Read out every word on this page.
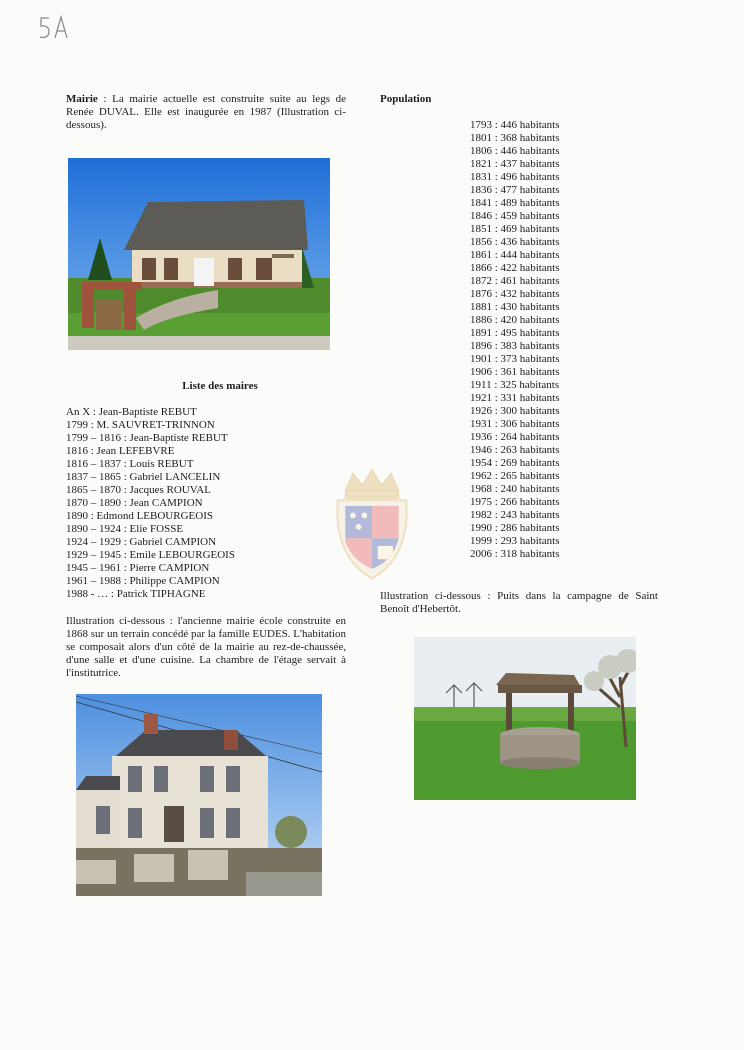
Mairie : La mairie actuelle est construite suite au legs de Renée DUVAL. Elle est inaugurée en 1987 (Illustration ci-dessous).
Liste des maires
An X : Jean-Baptiste REBUT
1799 : M. SAUVRET-TRINNON
1799 – 1816 : Jean-Baptiste REBUT
1816 : Jean LEFEBVRE
1816 – 1837 : Louis REBUT
1837 – 1865 : Gabriel LANCELIN
1865 – 1870 : Jacques ROUVAL
1870 – 1890 : Jean CAMPION
1890 : Edmond LEBOURGEOIS
1890 – 1924 : Elie FOSSE
1924 – 1929 : Gabriel CAMPION
1929 – 1945 : Emile LEBOURGEOIS
1945 – 1961 : Pierre CAMPION
1961 – 1988 : Philippe CAMPION
1988 - … : Patrick TIPHAGNE
Illustration ci-dessous : l'ancienne mairie école construite en 1868 sur un terrain concédé par la famille EUDES. L'habitation se composait alors d'un côté de la mairie au rez-de-chaussée, d'une salle et d'une cuisine. La chambre de l'étage servait à l'institutrice.
Population
1793 : 446 habitants
1801 : 368 habitants
1806 : 446 habitants
1821 : 437 habitants
1831 : 496 habitants
1836 : 477 habitants
1841 : 489 habitants
1846 : 459 habitants
1851 : 469 habitants
1856 : 436 habitants
1861 : 444 habitants
1866 : 422 habitants
1872 : 461 habitants
1876 : 432 habitants
1881 : 430 habitants
1886 : 420 habitants
1891 : 495 habitants
1896 : 383 habitants
1901 : 373 habitants
1906 : 361 habitants
1911 : 325 habitants
1921 : 331 habitants
1926 : 300 habitants
1931 : 306 habitants
1936 : 264 habitants
1946 : 263 habitants
1954 : 269 habitants
1962 : 265 habitants
1968 : 240 habitants
1975 : 266 habitants
1982 : 243 habitants
1990 : 286 habitants
1999 : 293 habitants
2006 : 318 habitants
Illustration ci-dessous : Puits dans la campagne de Saint Benoît d'Hebertôt.
